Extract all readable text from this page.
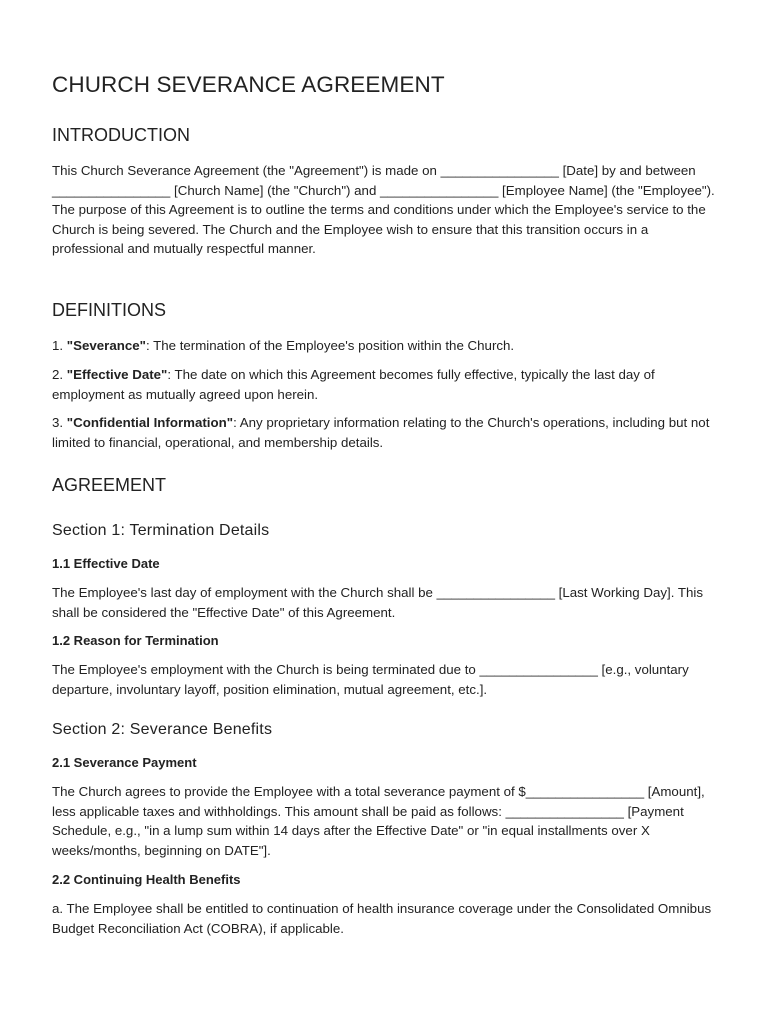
CHURCH SEVERANCE AGREEMENT
INTRODUCTION

This Church Severance Agreement (the "Agreement") is made on ________________ [Date] by and between ________________ [Church Name] (the "Church") and ________________ [Employee Name] (the "Employee"). The purpose of this Agreement is to outline the terms and conditions under which the Employee's service to the Church is being severed. The Church and the Employee wish to ensure that this transition occurs in a professional and mutually respectful manner.

DEFINITIONS

1. "Severance": The termination of the Employee's position within the Church.

2. "Effective Date": The date on which this Agreement becomes fully effective, typically the last day of employment as mutually agreed upon herein.

3. "Confidential Information": Any proprietary information relating to the Church's operations, including but not limited to financial, operational, and membership details.

AGREEMENT
Section 1: Termination Details
1.1 Effective Date

The Employee's last day of employment with the Church shall be ________________ [Last Working Day]. This shall be considered the "Effective Date" of this Agreement.

1.2 Reason for Termination

The Employee's employment with the Church is being terminated due to ________________ [e.g., voluntary departure, involuntary layoff, position elimination, mutual agreement, etc.].

Section 2: Severance Benefits
2.1 Severance Payment

The Church agrees to provide the Employee with a total severance payment of $________________ [Amount], less applicable taxes and withholdings. This amount shall be paid as follows: ________________ [Payment Schedule, e.g., "in a lump sum within 14 days after the Effective Date" or "in equal installments over X weeks/months, beginning on DATE"].

2.2 Continuing Health Benefits

a. The Employee shall be entitled to continuation of health insurance coverage under the Consolidated Omnibus Budget Reconciliation Act (COBRA), if applicable.
